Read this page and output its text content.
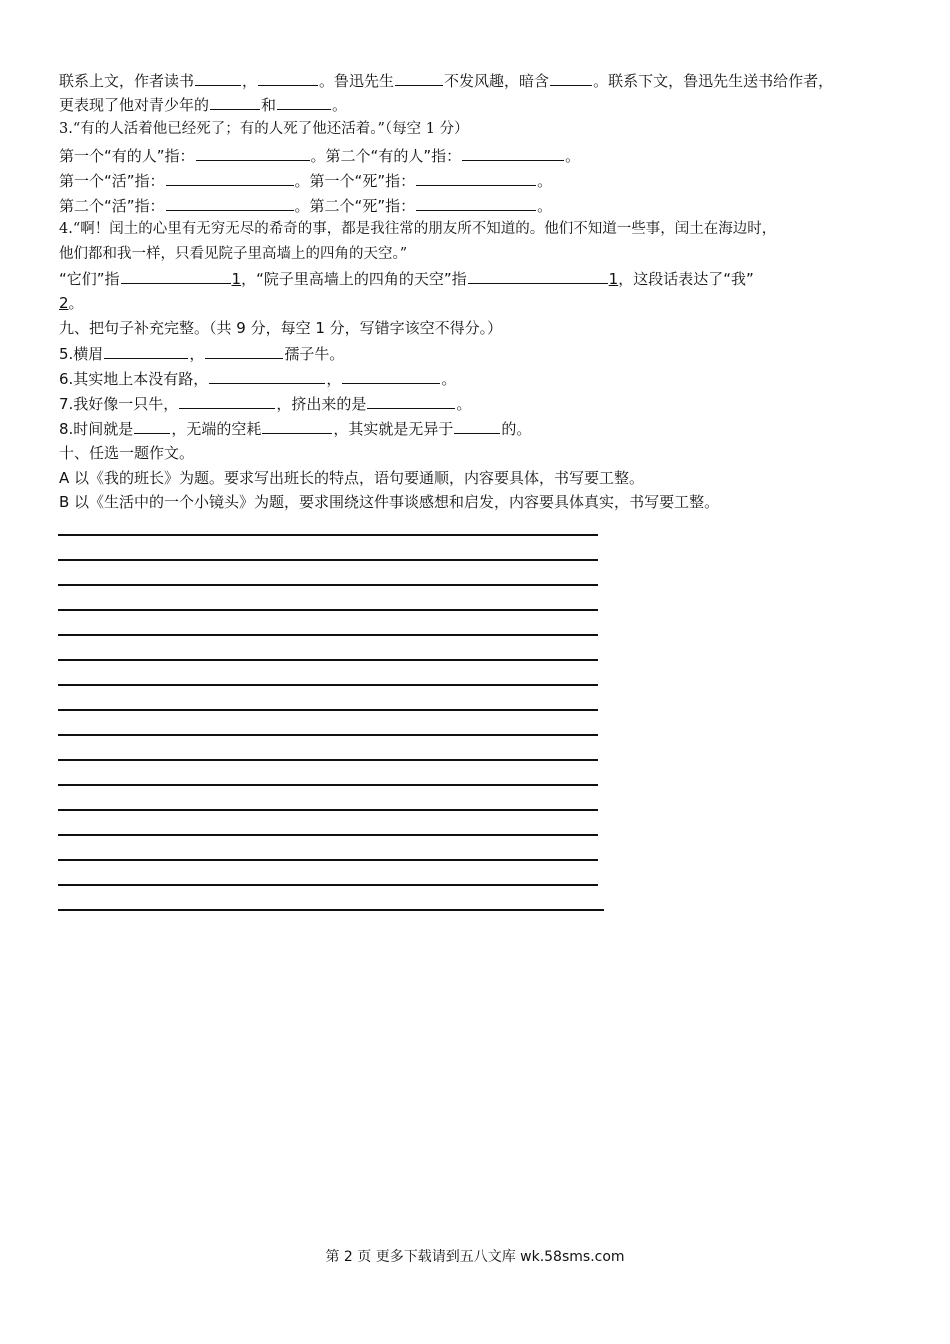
联系上文，作者读书	，	。鲁迅先生	不发风趣，暗含	。联系下文，鲁迅先生送书给作者，
更表现了他对青少年的	和	。
3.“有的人活着他已经死了；有的人死了他还活着。”（每空 1 分）
第一个“有的人”指：	。第二个“有的人”指：	。
第一个“活”指：	。第一个“死”指：	。
第二个“活”指：	。第二个“死”指：	。
4.“啊！闰土的心里有无穷无尽的希奇的事，都是我往常的朋友所不知道的。他们不知道一些事，闰土在海边时，
他们都和我一样，只看见院子里高墙上的四角的天空。”
“它们”指	1，“院子里高墙上的四角的天空”指	1，这段话表达了“我”
2。
九、把句子补充完整。（共 9 分，每空 1 分，写错字该空不得分。）
5.横眉	，	孺子牛。
6.其实地上本没有路，	，	。
7.我好像一只牛，	，挤出来的是	。
8.时间就是	，无端的空耗	，其实就是无异于	的。
十、任选一题作文。
A 以《我的班长》为题。要求写出班长的特点，语句要通顺，内容要具体，书写要工整。
B 以《生活中的一个小镜头》为题，要求围绕这件事谈感想和启发，内容要具体真实，书写要工整。
第 2 页 更多下载请到五八文库 wk.58sms.com
